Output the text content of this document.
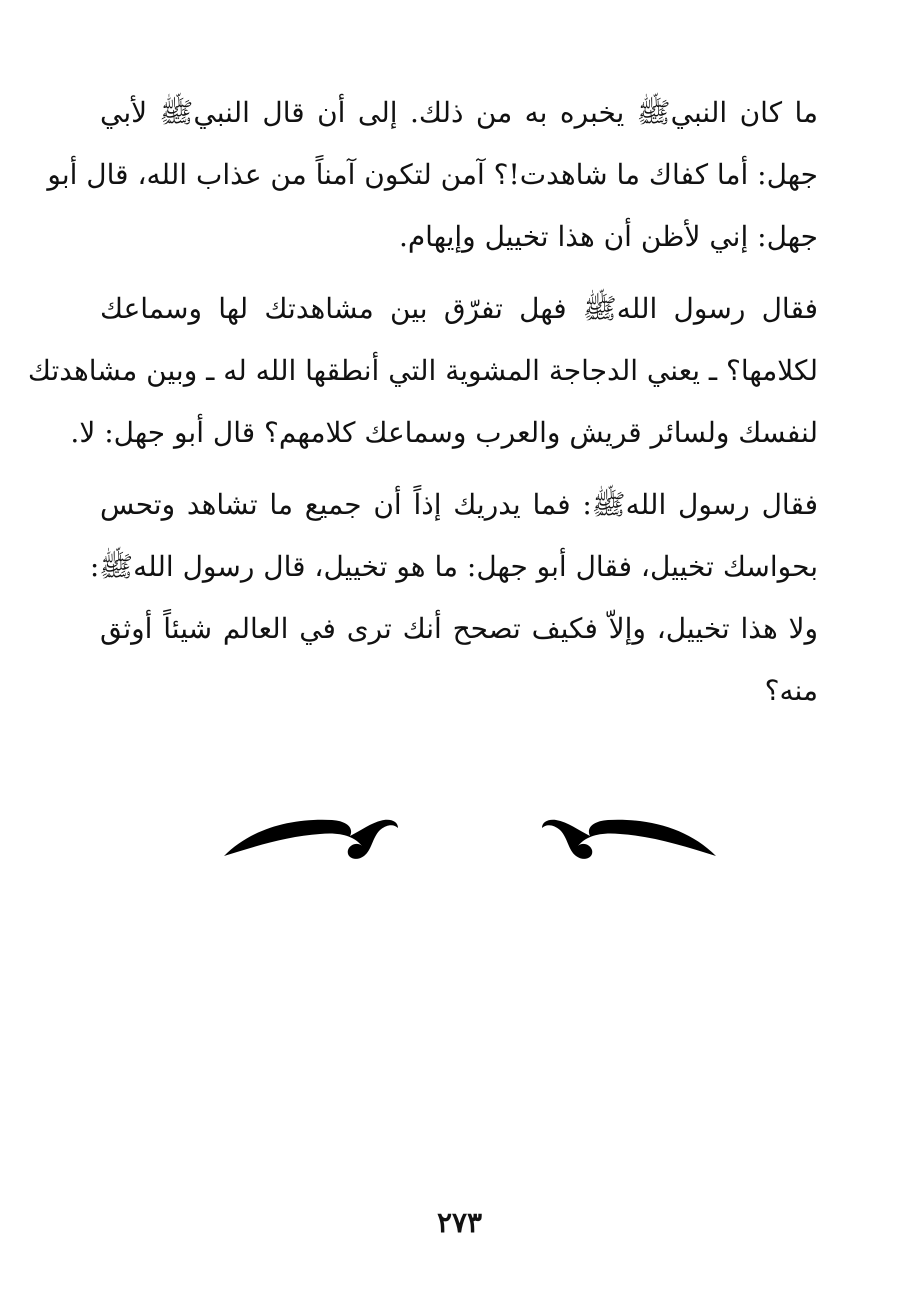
ما كان النبيﷺ يخبره به من ذلك. إلى أن قال النبيﷺ لأبي
جهل: أما كفاك ما شاهدت!؟ آمن لتكون آمناً من عذاب الله، قال أبو
جهل: إني لأظن أن هذا تخييل وإيهام.

فقال رسول اللهﷺ فهل تفرّق بين مشاهدتك لها وسماعك
لكلامها؟ ـ يعني الدجاجة المشوية التي أنطقها الله له ـ وبين مشاهدتك
لنفسك ولسائر قريش والعرب وسماعك كلامهم؟ قال أبو جهل: لا.

فقال رسول اللهﷺ: فما يدريك إذاً أن جميع ما تشاهد وتحس
بحواسك تخييل، فقال أبو جهل: ما هو تخييل، قال رسول اللهﷺ:
ولا هذا تخييل، وإلاّ فكيف تصحح أنك ترى في العالم شيئاً أوثق
منه؟

٢٧٣
